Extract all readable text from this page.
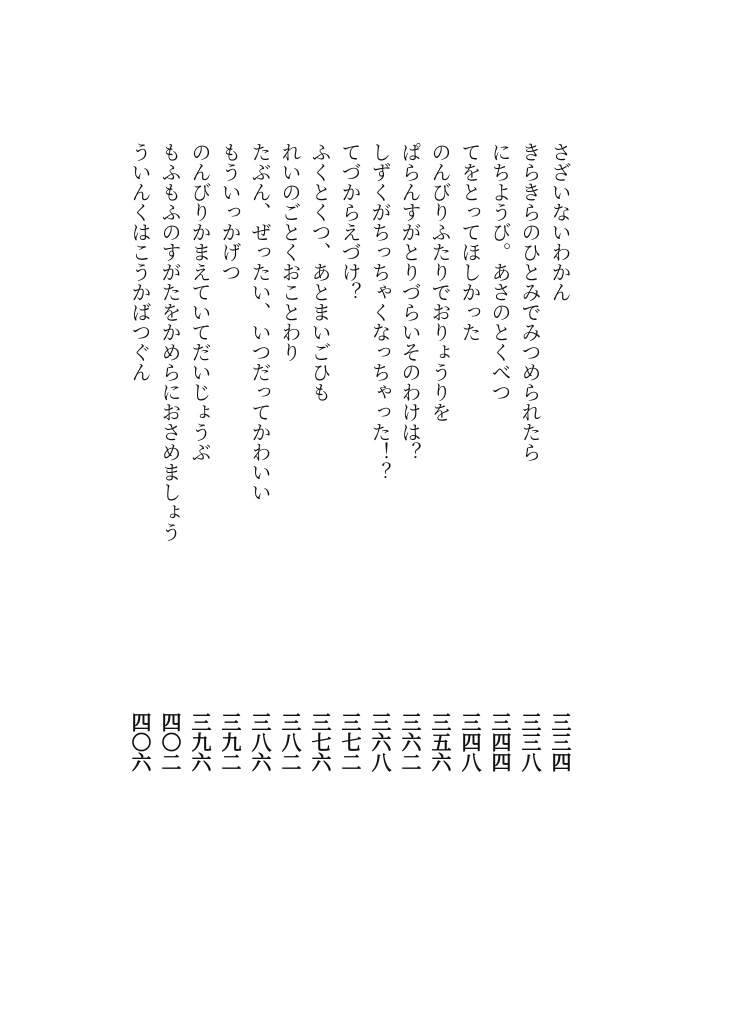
さざいないわかん
きらきらのひとみでみつめられたら
にちようび。あさのとくべつ
てをとってほしかった
のんびりふたりでおりょうりを
ぱらんすがとりづらいそのわけは？
しずくがちっちゃくなっちゃった！？
てづからえづけ？
ふくとくつ、あとまいごひも
れいのごとくおことわり
たぶん、ぜったい、いつだってかわいい
もういっかげつ
のんびりかまえていてだいじょうぶ
もふもふのすがたをかめらにおさめましょう
ういんくはこうかばつぐん
三三四
三三八
三四四
三四八
三五六
三六二
三六八
三七二
三七六
三八二
三八六
三九二
三九六
四〇二
四〇六
